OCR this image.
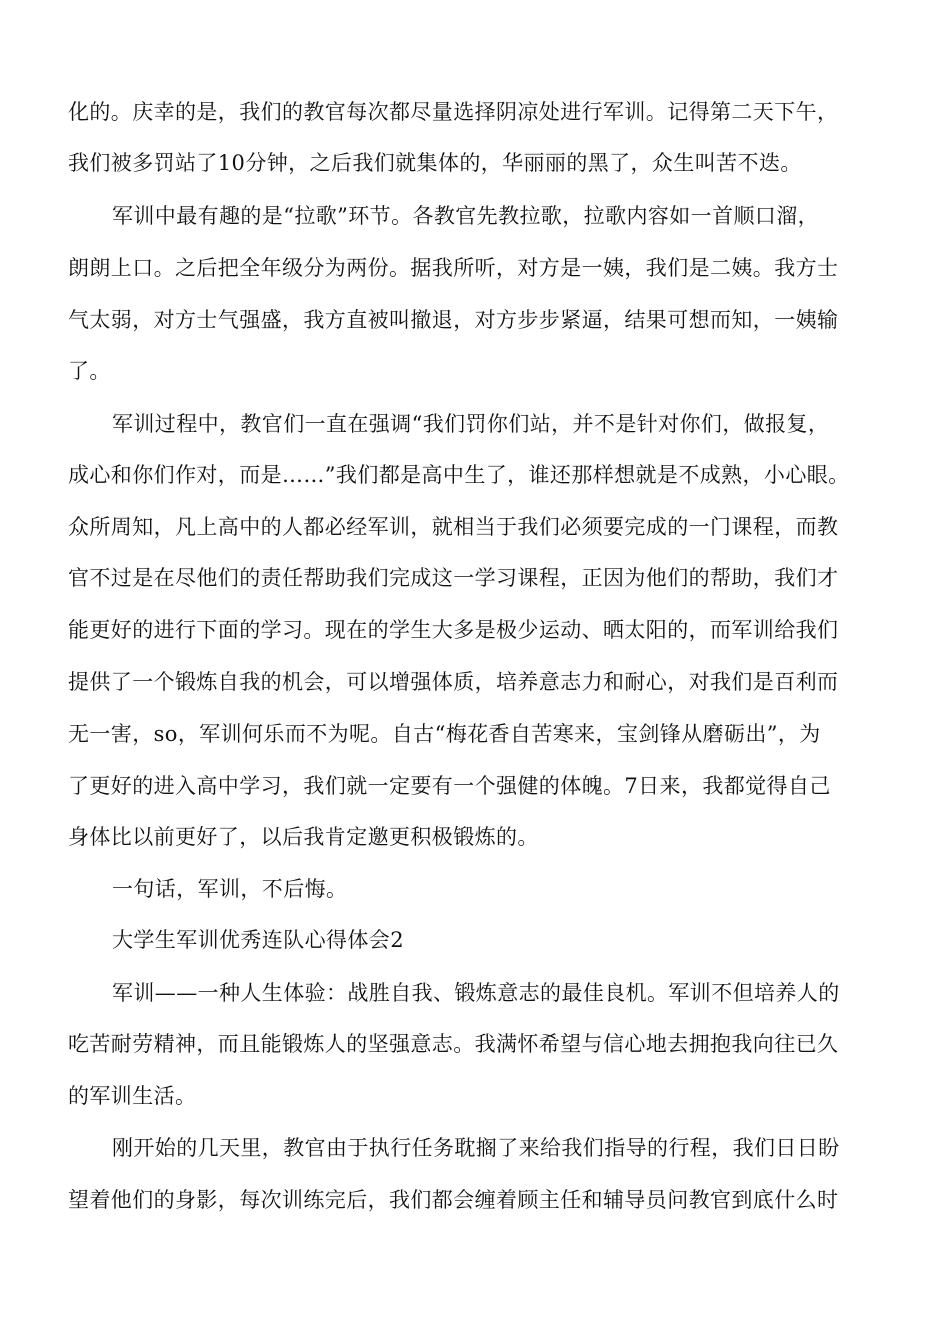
化的。庆幸的是，我们的教官每次都尽量选择阴凉处进行军训。记得第二天下午，
我们被多罚站了10分钟，之后我们就集体的，华丽丽的黑了，众生叫苦不迭。
军训中最有趣的是“拉歌”环节。各教官先教拉歌，拉歌内容如一首顺口溜，
朗朗上口。之后把全年级分为两份。据我所听，对方是一姨，我们是二姨。我方士
气太弱，对方士气强盛，我方直被叫撤退，对方步步紧逼，结果可想而知，一姨输
了。
军训过程中，教官们一直在强调“我们罚你们站，并不是针对你们，做报复，
成心和你们作对，而是……”我们都是高中生了，谁还那样想就是不成熟，小心眼。
众所周知，凡上高中的人都必经军训，就相当于我们必须要完成的一门课程，而教
官不过是在尽他们的责任帮助我们完成这一学习课程，正因为他们的帮助，我们才
能更好的进行下面的学习。现在的学生大多是极少运动、晒太阳的，而军训给我们
提供了一个锻炼自我的机会，可以增强体质，培养意志力和耐心，对我们是百利而
无一害，so，军训何乐而不为呢。自古“梅花香自苦寒来，宝剑锋从磨砺出”，为
了更好的进入高中学习，我们就一定要有一个强健的体魄。7日来，我都觉得自己
身体比以前更好了，以后我肯定邀更积极锻炼的。
一句话，军训，不后悔。
大学生军训优秀连队心得体会2
军训——一种人生体验：战胜自我、锻炼意志的最佳良机。军训不但培养人的
吃苦耐劳精神，而且能锻炼人的坚强意志。我满怀希望与信心地去拥抱我向往已久
的军训生活。
刚开始的几天里，教官由于执行任务耽搁了来给我们指导的行程，我们日日盼
望着他们的身影，每次训练完后，我们都会缠着顾主任和辅导员问教官到底什么时
